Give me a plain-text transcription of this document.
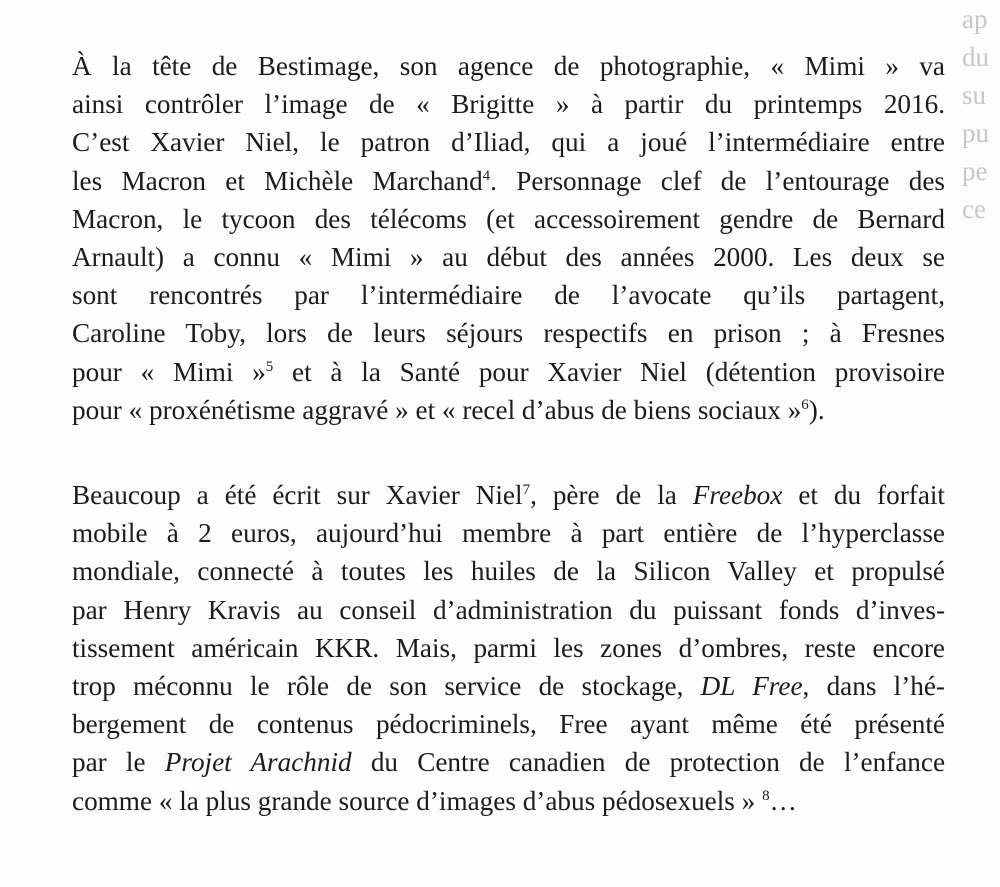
ap
du
su
pu
pe
ce
À la tête de Bestimage, son agence de photographie, « Mimi » va
ainsi contrôler l’image de « Brigitte » à partir du printemps 2016.
C’est Xavier Niel, le patron d’Iliad, qui a joué l’intermédiaire entre
les Macron et Michèle Marchand$^4$. Personnage clef de l’entourage des
Macron, le tycoon des télécoms (et accessoirement gendre de Bernard
Arnault) a connu « Mimi » au début des années 2000. Les deux se
sont rencontrés par l’intermédiaire de l’avocate qu’ils partagent,
Caroline Toby, lors de leurs séjours respectifs en prison ; à Fresnes
pour « Mimi »$^5$ et à la Santé pour Xavier Niel (détention provisoire
pour « proxénétisme aggravé » et « recel d’abus de biens sociaux »$^6$).
Beaucoup a été écrit sur Xavier Niel$^7$, père de la Freebox et du forfait
mobile à 2 euros, aujourd’hui membre à part entière de l’hyperclasse
mondiale, connecté à toutes les huiles de la Silicon Valley et propulsé
par Henry Kravis au conseil d’administration du puissant fonds d’inves-
tissement américain KKR. Mais, parmi les zones d’ombres, reste encore
trop méconnu le rôle de son service de stockage, DL Free, dans l’hé-
bergement de contenus pédocriminels, Free ayant même été présenté
par le Projet Arachnid du Centre canadien de protection de l’enfance
comme « la plus grande source d’images d’abus pédosexuels » $^8$…
